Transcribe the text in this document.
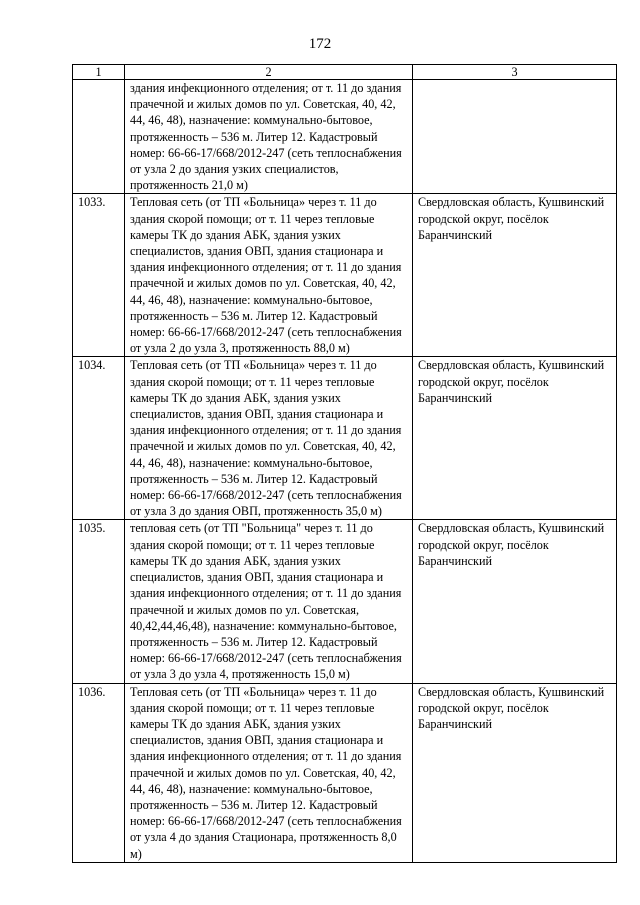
172
1	2	3
	здания инфекционного отделения; от т. 11 до здания прачечной и жилых домов по ул. Советская, 40, 42, 44, 46, 48), назначение: коммунально-бытовое, протяженность – 536 м. Литер 12. Кадастровый номер: 66-66-17/668/2012-247 (сеть теплоснабжения от узла 2 до здания узких специалистов, протяженность 21,0 м)	
1033.	Тепловая сеть (от ТП «Больница» через т. 11 до здания скорой помощи; от т. 11 через тепловые камеры ТК до здания АБК, здания узких специалистов, здания ОВП, здания стационара и здания инфекционного отделения; от т. 11 до здания прачечной и жилых домов по ул. Советская, 40, 42, 44, 46, 48), назначение: коммунально-бытовое, протяженность – 536 м. Литер 12. Кадастровый номер: 66-66-17/668/2012-247 (сеть теплоснабжения от узла 2 до узла 3, протяженность 88,0 м)	Свердловская область, Кушвинский городской округ, посёлок Баранчинский
1034.	Тепловая сеть (от ТП «Больница» через т. 11 до здания скорой помощи; от т. 11 через тепловые камеры ТК до здания АБК, здания узких специалистов, здания ОВП, здания стационара и здания инфекционного отделения; от т. 11 до здания прачечной и жилых домов по ул. Советская, 40, 42, 44, 46, 48), назначение: коммунально-бытовое, протяженность – 536 м. Литер 12. Кадастровый номер: 66-66-17/668/2012-247 (сеть теплоснабжения от узла 3 до здания ОВП, протяженность 35,0 м)	Свердловская область, Кушвинский городской округ, посёлок Баранчинский
1035.	тепловая сеть (от ТП "Больница" через т. 11 до здания скорой помощи; от т. 11 через тепловые камеры ТК до здания АБК, здания узких специалистов, здания ОВП, здания стационара и здания инфекционного отделения; от т. 11 до здания прачечной и жилых домов по ул. Советская, 40,42,44,46,48), назначение: коммунально-бытовое, протяженность – 536 м. Литер 12. Кадастровый номер: 66-66-17/668/2012-247 (сеть теплоснабжения от узла 3 до узла 4, протяженность 15,0 м)	Свердловская область, Кушвинский городской округ, посёлок Баранчинский
1036.	Тепловая сеть (от ТП «Больница» через т. 11 до здания скорой помощи; от т. 11 через тепловые камеры ТК до здания АБК, здания узких специалистов, здания ОВП, здания стационара и здания инфекционного отделения; от т. 11 до здания прачечной и жилых домов по ул. Советская, 40, 42, 44, 46, 48), назначение: коммунально-бытовое, протяженность – 536 м. Литер 12. Кадастровый номер: 66-66-17/668/2012-247 (сеть теплоснабжения от узла 4 до здания Стационара, протяженность 8,0 м)	Свердловская область, Кушвинский городской округ, посёлок Баранчинский
